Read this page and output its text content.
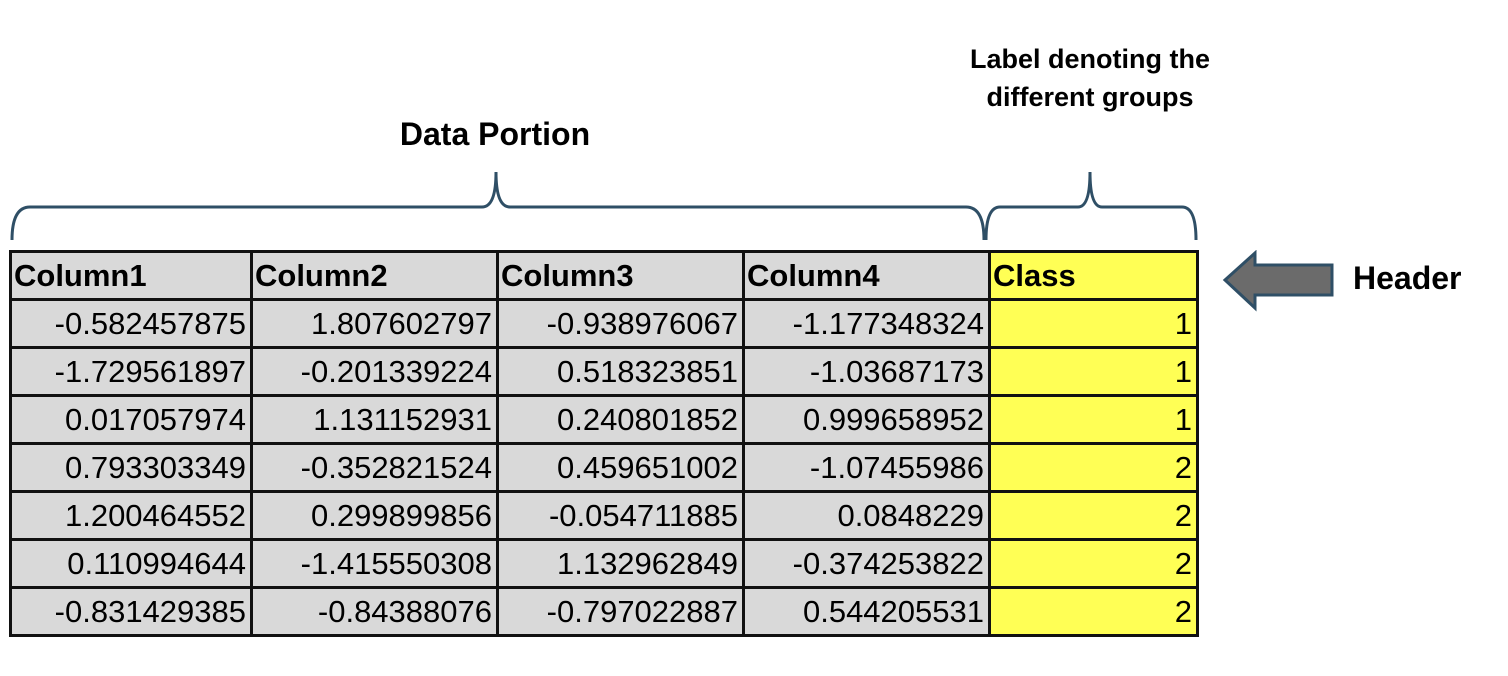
Data Portion
Label denoting the different groups
Header
Column1	Column2	Column3	Column4	Class
-0.582457875	1.807602797	-0.938976067	-1.177348324	1
-1.729561897	-0.201339224	0.518323851	-1.03687173	1
0.017057974	1.131152931	0.240801852	0.999658952	1
0.793303349	-0.352821524	0.459651002	-1.07455986	2
1.200464552	0.299899856	-0.054711885	0.0848229	2
0.110994644	-1.415550308	1.132962849	-0.374253822	2
-0.831429385	-0.84388076	-0.797022887	0.544205531	2
